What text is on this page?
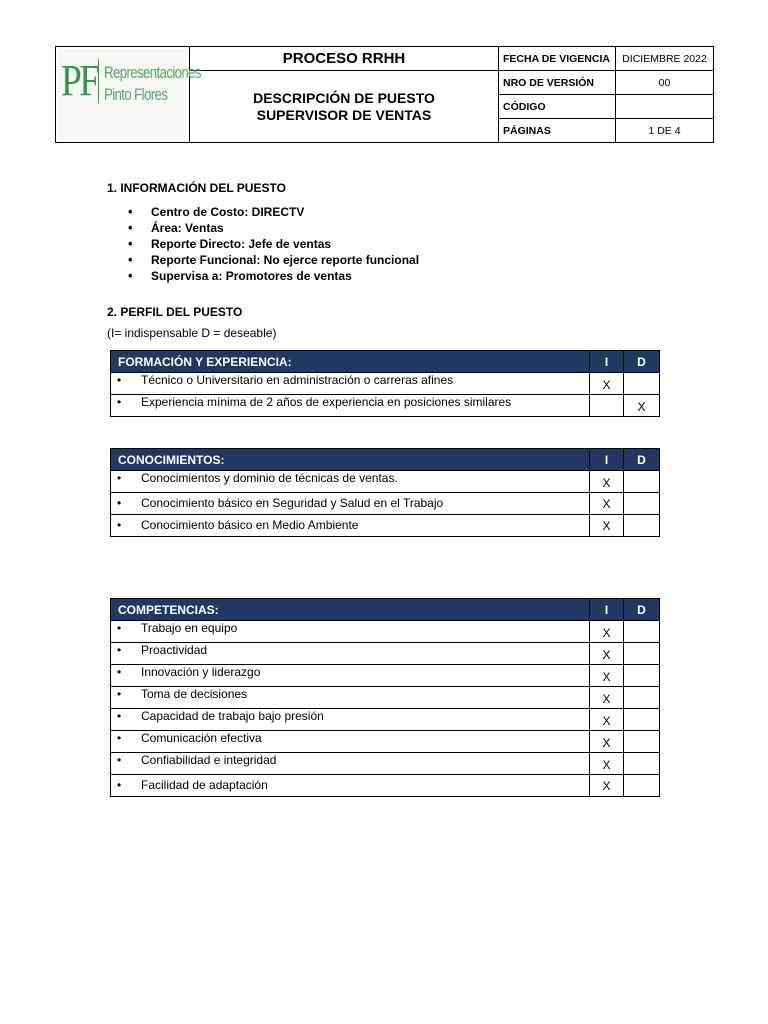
PF Representaciones
Pinto Flores	PROCESO RRHH	FECHA DE VIGENCIA	DICIEMBRE 2022
	DESCRIPCIÓN DE PUESTO
SUPERVISOR DE VENTAS	NRO DE VERSIÓN	00
		CÓDIGO	
		PÁGINAS	1 DE 4
1. INFORMACIÓN DEL PUESTO
• Centro de Costo: DIRECTV
• Área: Ventas
• Reporte Directo: Jefe de ventas
• Reporte Funcional: No ejerce reporte funcional
• Supervisa a: Promotores de ventas
2. PERFIL DEL PUESTO
(I= indispensable D = deseable)
FORMACIÓN Y EXPERIENCIA:	I	D

• Técnico o Universitario en administración o carreras afines	X	

• Experiencia mínima de 2 años de experiencia en posiciones similares		X
CONOCIMIENTOS:	I	D

• Conocimientos y dominio de técnicas de ventas.	X	

• Conocimiento básico en Seguridad y Salud en el Trabajo	X	

• Conocimiento básico en Medio Ambiente	X	
COMPETENCIAS:	I	D

• Trabajo en equipo	X	

• Proactividad	X	

• Innovación y liderazgo	X	

• Toma de decisiones	X	

• Capacidad de trabajo bajo presión	X	

• Comunicación efectiva	X	

• Confiabilidad e integridad	X	

• Facilidad de adaptación	X	
